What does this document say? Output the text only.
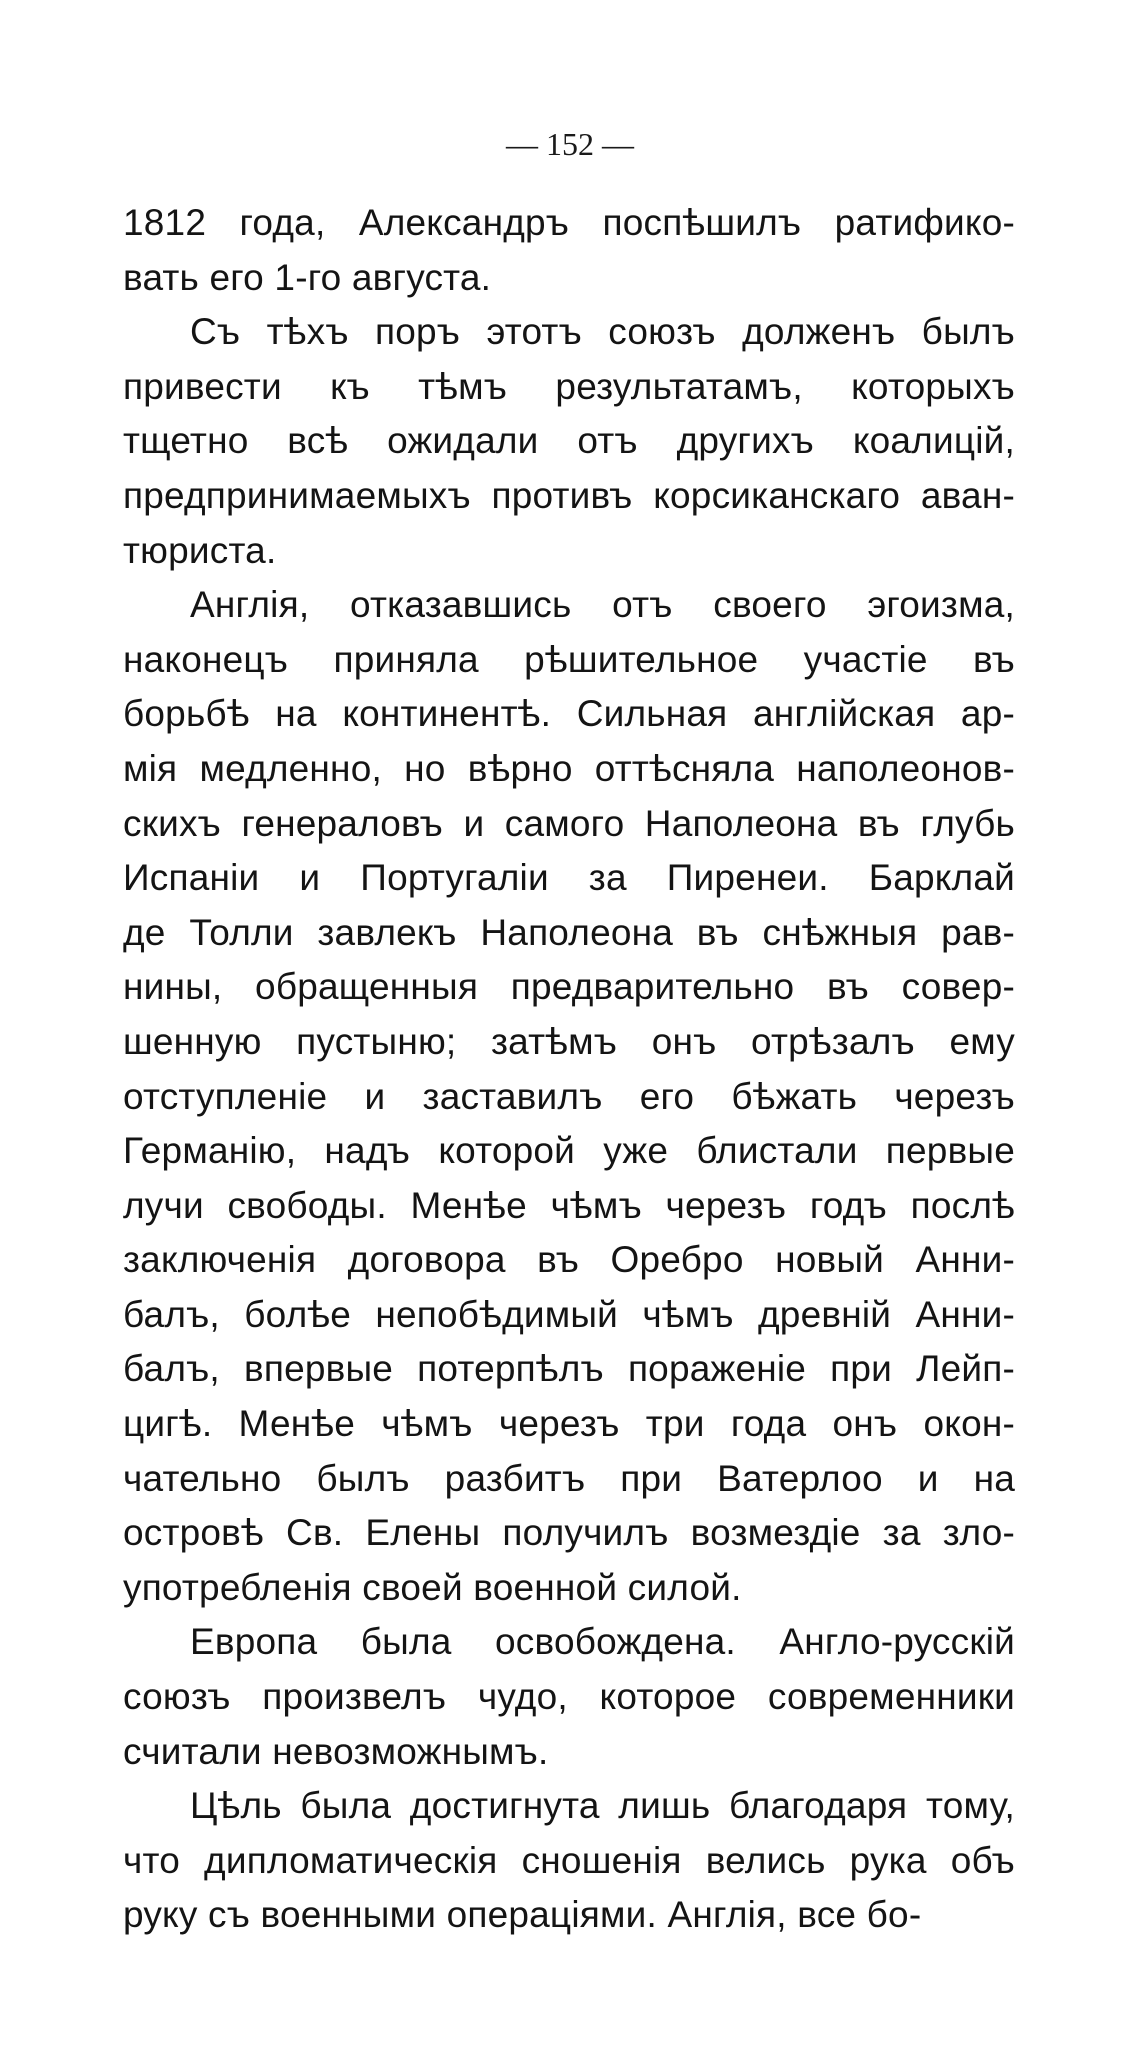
— 152 —
1812 года, Александръ поспѣшилъ ратифико-
вать его 1-го августа.
Съ тѣхъ поръ этотъ союзъ долженъ былъ
привести къ тѣмъ результатамъ, которыхъ
тщетно всѣ ожидали отъ другихъ коалицій,
предпринимаемыхъ противъ корсиканскаго аван-
тюриста.
Англія, отказавшись отъ своего эгоизма,
наконецъ приняла рѣшительное участіе въ
борьбѣ на континентѣ. Сильная англійская ар-
мія медленно, но вѣрно оттѣсняла наполеонов-
скихъ генераловъ и самого Наполеона въ глубь
Испаніи и Португаліи за Пиренеи. Барклай
де Толли завлекъ Наполеона въ снѣжныя рав-
нины, обращенныя предварительно въ совер-
шенную пустыню; затѣмъ онъ отрѣзалъ ему
отступленіе и заставилъ его бѣжать черезъ
Германію, надъ которой уже блистали первые
лучи свободы. Менѣе чѣмъ черезъ годъ послѣ
заключенія договора въ Оребро новый Анни-
балъ, болѣе непобѣдимый чѣмъ древній Анни-
балъ, впервые потерпѣлъ пораженіе при Лейп-
цигѣ. Менѣе чѣмъ черезъ три года онъ окон-
чательно былъ разбитъ при Ватерлоо и на
островѣ Св. Елены получилъ возмездіе за зло-
употребленія своей военной силой.
Европа была освобождена. Англо-русскій
союзъ произвелъ чудо, которое современники
считали невозможнымъ.
Цѣль была достигнута лишь благодаря тому,
что дипломатическія сношенія велись рука объ
руку съ военными операціями. Англія, все бо-
